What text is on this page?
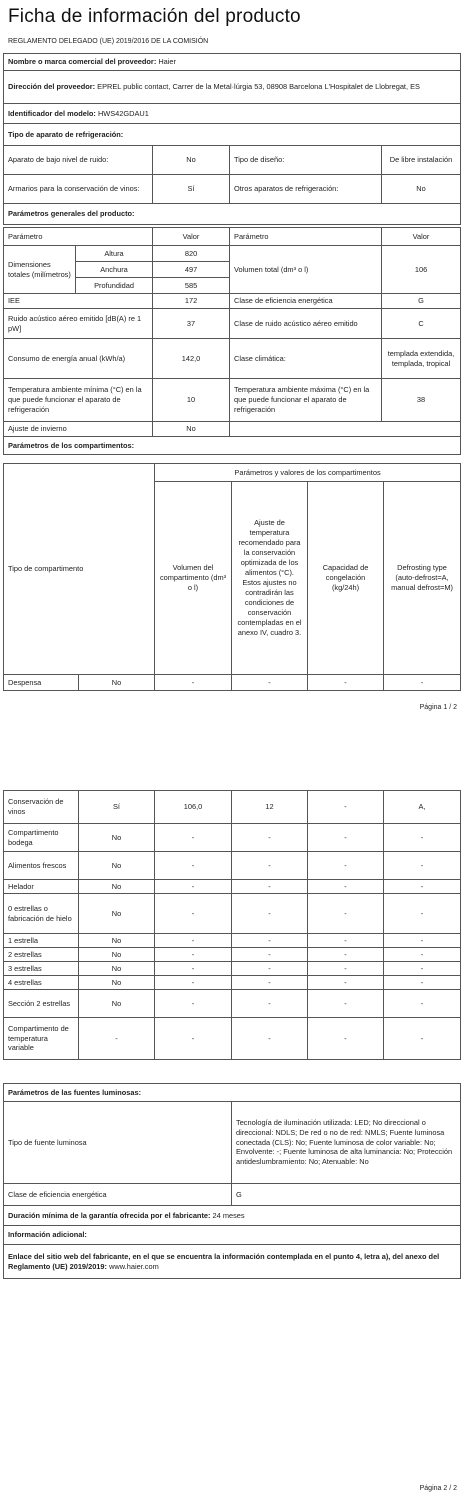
Ficha de información del producto
REGLAMENTO DELEGADO (UE) 2019/2016 DE LA COMISIÓN
Nombre o marca comercial del proveedor: Haier			
Dirección del proveedor: EPREL public contact, Carrer de la Metal·lúrgia 53, 08908 Barcelona L'Hospitalet de Llobregat, ES			
Identificador del modelo: HWS42GDAU1			
Tipo de aparato de refrigeración:			
Aparato de bajo nivel de ruido:	No	Tipo de diseño:	De libre instalación
Armarios para la conservación de vinos:	Sí	Otros aparatos de refrigeración:	No
Parámetros generales del producto:			
Parámetro		Valor	Parámetro	Valor
Dimensiones totales (milímetros)	Altura	820	Volumen total (dm³ o l)	106
	Anchura	497		
	Profundidad	585		
IEE		172	Clase de eficiencia energética	G
Ruido acústico aéreo emitido [dB(A) re 1 pW]		37	Clase de ruido acústico aéreo emitido	C
Consumo de energía anual (kWh/a)		142,0	Clase climática:	templada extendida, templada, tropical
Temperatura ambiente mínima (°C) en la que puede funcionar el aparato de refrigeración		10	Temperatura ambiente máxima (°C) en la que puede funcionar el aparato de refrigeración	38
Ajuste de invierno		No		
Parámetros de los compartimentos:				
Tipo de compartimento		Parámetros y valores de los compartimentos			
		Volumen del compartimento (dm³ o l)	Ajuste de temperatura recomendado para la conservación optimizada de los alimentos (°C). Estos ajustes no contradirán las condiciones de conservación contempladas en el anexo IV, cuadro 3.	Capacidad de congelación (kg/24h)	Defrosting type (auto-defrost=A, manual defrost=M)
Despensa	No	-	-	-	-
Página 1 / 2
Conservación de vinos	Sí	106,0	12	-	A,
Compartimento bodega	No	-	-	-	-
Alimentos frescos	No	-	-	-	-
Helador	No	-	-	-	-
0 estrellas o fabricación de hielo	No	-	-	-	-
1 estrella	No	-	-	-	-
2 estrellas	No	-	-	-	-
3 estrellas	No	-	-	-	-
4 estrellas	No	-	-	-	-
Sección 2 estrellas	No	-	-	-	-
Compartimento de temperatura variable	-	-	-	-	-
Parámetros de las fuentes luminosas:	
Tipo de fuente luminosa	Tecnología de iluminación utilizada: LED; No direccional o direccional: NDLS; De red o no de red: NMLS; Fuente luminosa conectada (CLS): No; Fuente luminosa de color variable: No; Envolvente: -; Fuente luminosa de alta luminancia: No; Protección antideslumbramiento: No; Atenuable: No
Clase de eficiencia energética	G
Duración mínima de la garantía ofrecida por el fabricante: 24 meses	
Información adicional:	
Enlace del sitio web del fabricante, en el que se encuentra la información contemplada en el punto 4, letra a), del anexo del Reglamento (UE) 2019/2019: www.haier.com	
Página 2 / 2
